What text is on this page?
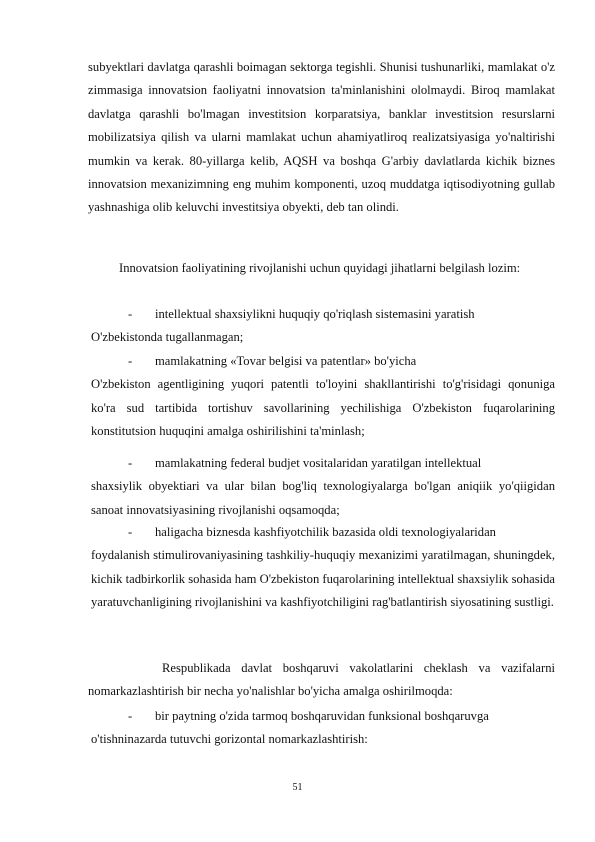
subyektlari davlatga qarashli boimagan sektorga tegishli. Shunisi tushunarliki, mamlakat o'z zimmasiga innovatsion faoliyatni innovatsion ta'minlanishini ololmaydi. Biroq mamlakat davlatga qarashli bo'lmagan investitsion korparatsiya, banklar investitsion resurslarni mobilizatsiya qilish va ularni mamlakat uchun ahamiyatliroq realizatsiyasiga yo'naltirishi mumkin va kerak. 80-yillarga kelib, AQSH va boshqa G'arbiy davlatlarda kichik biznes innovatsion mexanizimning eng muhim komponenti, uzoq muddatga iqtisodiyotning gullab yashnashiga olib keluvchi investitsiya obyekti, deb tan olindi.

Innovatsion faoliyatining rivojlanishi uchun quyidagi jihatlarni belgilash lozim:

-	intellektual shaxsiylikni huquqiy qo'riqlash sistemasini yaratish
O'zbekistonda tugallanmagan;
-	mamlakatning «Tovar belgisi va patentlar» bo'yicha
O'zbekiston agentligining yuqori patentli to'loyini shakllantirishi to'g'risidagi qonuniga ko'ra sud tartibida tortishuv savollarining yechilishiga O'zbekiston fuqarolarining konstitutsion huquqini amalga oshirilishini ta'minlash;
-	mamlakatning federal budjet vositalaridan yaratilgan intellektual
shaxsiylik obyektiari va ular bilan bog'liq texnologiyalarga bo'lgan aniqiik yo'qiigidan sanoat innovatsiyasining rivojlanishi oqsamoqda;
-	haligacha biznesda kashfiyotchilik bazasida oldi texnologiyalaridan
foydalanish stimulirovaniyasining tashkiliy-huquqiy mexanizimi yaratilmagan, shuningdek, kichik tadbirkorlik sohasida ham O'zbekiston fuqarolarining intellektual shaxsiylik sohasida yaratuvchanligining rivojlanishini va kashfiyotchiligini rag'batlantirish siyosatining sustligi.

Respublikada davlat boshqaruvi vakolatlarini cheklash va vazifalarni nomarkazlashtirish bir necha yo'nalishlar bo'yicha amalga oshirilmoqda:

-	bir paytning o'zida tarmoq boshqaruvidan funksional boshqaruvga
o'tishninazarda tutuvchi gorizontal nomarkazlashtirish:
51
